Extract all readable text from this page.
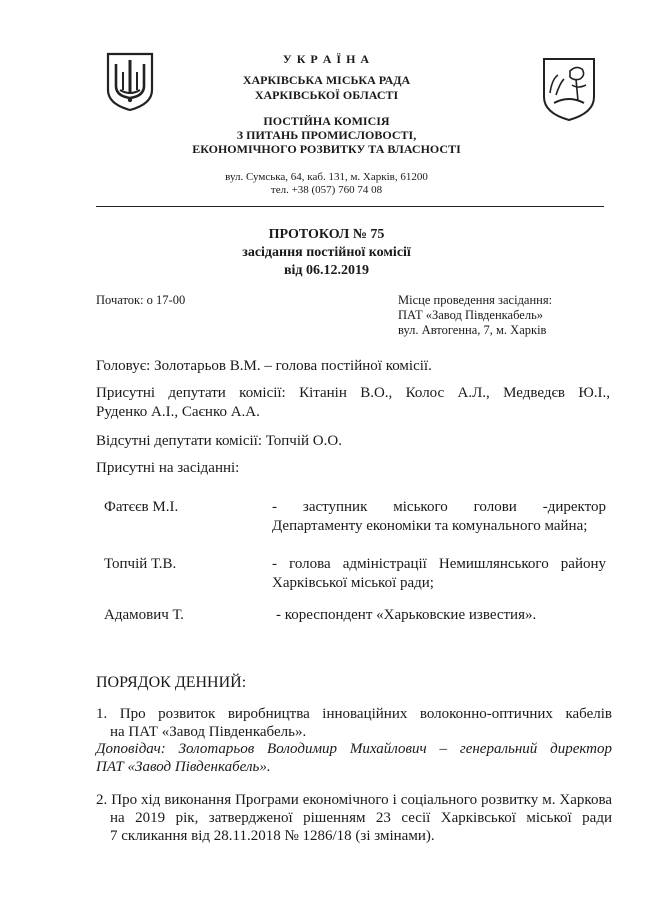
У К Р А Ї Н А
ХАРКІВСЬКА МІСЬКА РАДА
ХАРКІВСЬКОЇ ОБЛАСТІ
ПОСТІЙНА КОМІСІЯ
З ПИТАНЬ ПРОМИСЛОВОСТІ,
ЕКОНОМІЧНОГО РОЗВИТКУ ТА ВЛАСНОСТІ
вул. Сумська, 64, каб. 131, м. Харків, 61200
тел. +38 (057) 760 74 08
ПРОТОКОЛ № 75
засідання постійної комісії
від 06.12.2019
Початок: о 17-00	Місце проведення засідання:
ПАТ «Завод Південкабель»
вул. Автогенна, 7, м. Харків
Головує: Золотарьов В.М. – голова постійної комісії.
Присутні депутати комісії: Кітанін В.О., Колос А.Л., Медведєв Ю.І.,
Руденко А.І., Саєнко А.А.
Відсутні депутати комісії: Топчій О.О.
Присутні на засіданні:
Фатєєв М.І.	- заступник міського голови -директор
Департаменту економіки та комунального майна;
Топчій Т.В.	- голова адміністрації Немишлянського району
Харківської міської ради;
Адамович Т.	- кореспондент «Харьковские известия».
ПОРЯДОК ДЕННИЙ:
1. Про розвиток виробництва інноваційних волоконно-оптичних кабелів
на ПАТ «Завод Південкабель».
Доповідач: Золотарьов Володимир Михайлович – генеральний директор
ПАТ «Завод Південкабель».
2. Про хід виконання Програми економічного і соціального розвитку м. Харкова
на 2019 рік, затвердженої рішенням 23 сесії Харківської міської ради
7 скликання від 28.11.2018 № 1286/18 (зі змінами).
